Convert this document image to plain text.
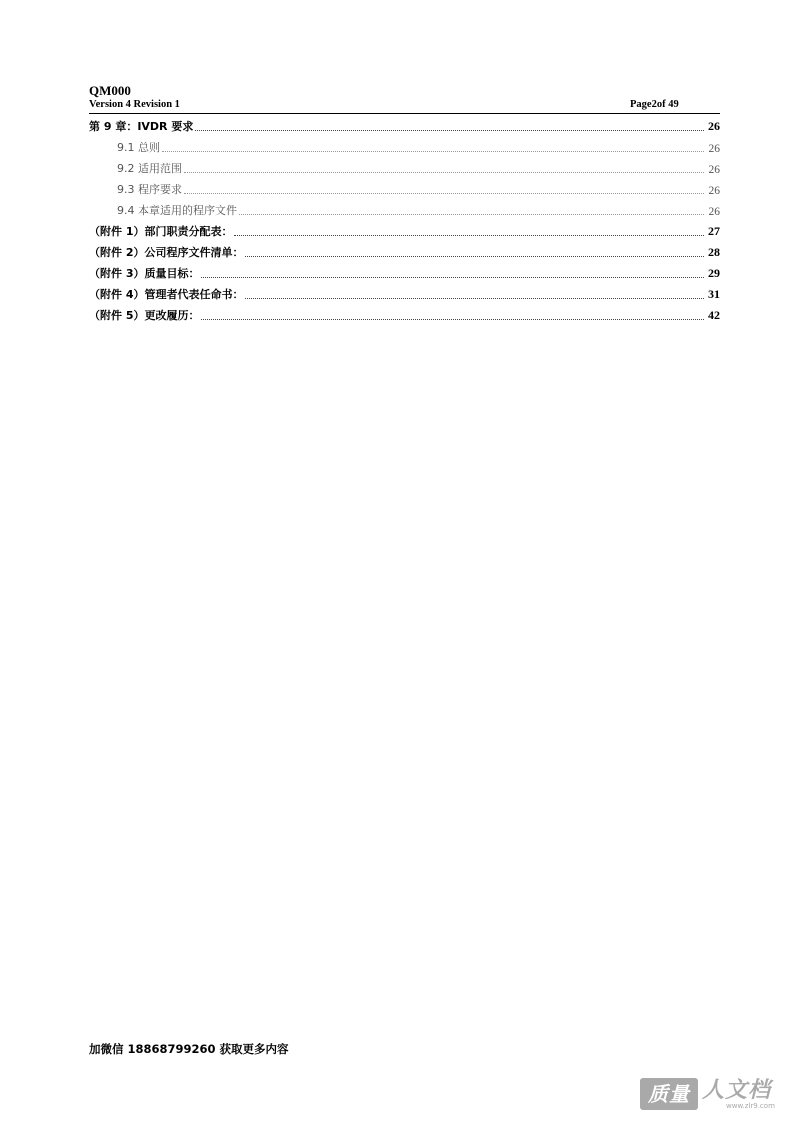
QM000
Version 4 Revision 1	Page2of 49
第 9 章：IVDR 要求	26
9.1 总则	26
9.2 适用范围	26
9.3 程序要求	26
9.4 本章适用的程序文件	26
（附件 1）部门职责分配表：	27
（附件 2）公司程序文件清单：	28
（附件 3）质量目标：	29
（附件 4）管理者代表任命书：	31
（附件 5）更改履历：	42
加微信 18868799260 获取更多内容
质量 人文档
www.zlr9.com
